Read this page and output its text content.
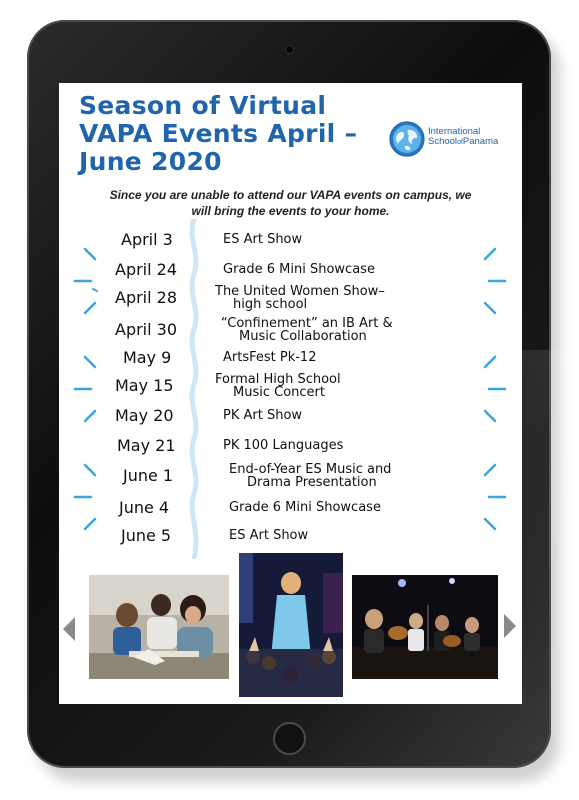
Season of Virtual
VAPA Events April –
June 2020
International
SchoolofPanama

Since you are unable to attend our VAPA events on campus, we
will bring the events to your home.

April 3	ES Art Show
April 24	Grade 6 Mini Showcase
April 28	The United Women Show–
high school
April 30	“Confinement” an IB Art &
Music Collaboration
May 9	ArtsFest Pk-12
May 15	Formal High School
Music Concert
May 20	PK Art Show
May 21	PK 100 Languages
June 1	End-of-Year ES Music and
Drama Presentation
June 4	Grade 6 Mini Showcase
June 5	ES Art Show
